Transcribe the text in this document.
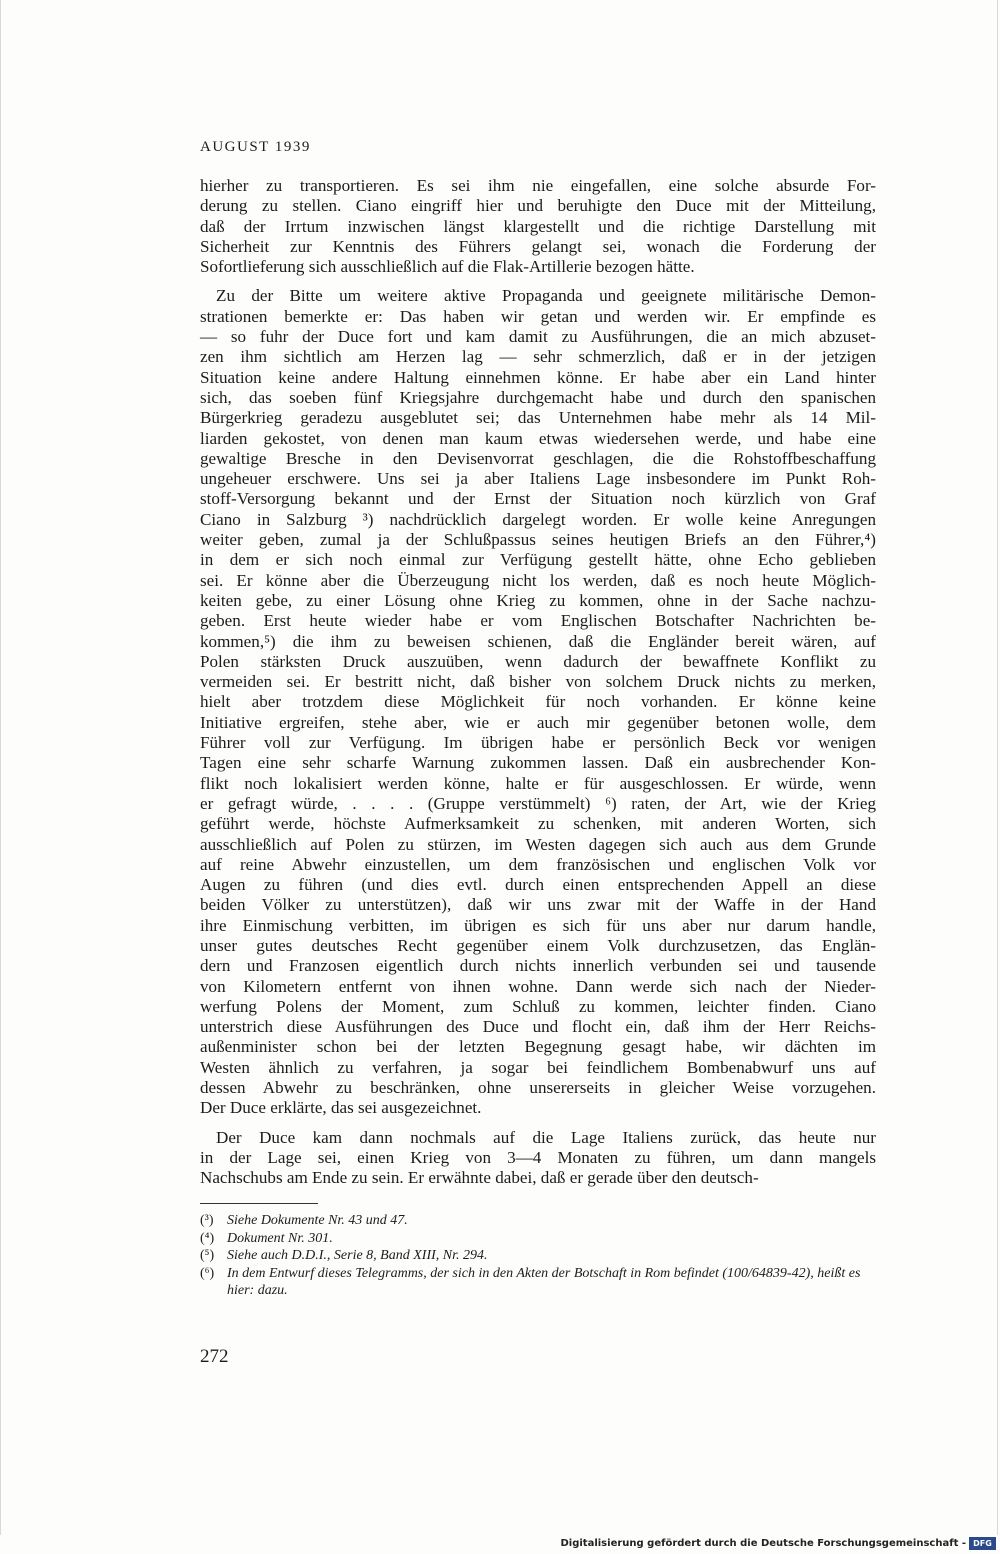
AUGUST 1939
hierher zu transportieren. Es sei ihm nie eingefallen, eine solche absurde For-
derung zu stellen. Ciano eingriff hier und beruhigte den Duce mit der Mitteilung,
daß der Irrtum inzwischen längst klargestellt und die richtige Darstellung mit
Sicherheit zur Kenntnis des Führers gelangt sei, wonach die Forderung der
Sofortlieferung sich ausschließlich auf die Flak-Artillerie bezogen hätte.
Zu der Bitte um weitere aktive Propaganda und geeignete militärische Demon-
strationen bemerkte er: Das haben wir getan und werden wir. Er empfinde es
— so fuhr der Duce fort und kam damit zu Ausführungen, die an mich abzuset-
zen ihm sichtlich am Herzen lag — sehr schmerzlich, daß er in der jetzigen
Situation keine andere Haltung einnehmen könne. Er habe aber ein Land hinter
sich, das soeben fünf Kriegsjahre durchgemacht habe und durch den spanischen
Bürgerkrieg geradezu ausgeblutet sei; das Unternehmen habe mehr als 14 Mil-
liarden gekostet, von denen man kaum etwas wiedersehen werde, und habe eine
gewaltige Bresche in den Devisenvorrat geschlagen, die die Rohstoffbeschaffung
ungeheuer erschwere. Uns sei ja aber Italiens Lage insbesondere im Punkt Roh-
stoff-Versorgung bekannt und der Ernst der Situation noch kürzlich von Graf
Ciano in Salzburg ³) nachdrücklich dargelegt worden. Er wolle keine Anregungen
weiter geben, zumal ja der Schlußpassus seines heutigen Briefs an den Führer,⁴)
in dem er sich noch einmal zur Verfügung gestellt hätte, ohne Echo geblieben
sei. Er könne aber die Überzeugung nicht los werden, daß es noch heute Möglich-
keiten gebe, zu einer Lösung ohne Krieg zu kommen, ohne in der Sache nachzu-
geben. Erst heute wieder habe er vom Englischen Botschafter Nachrichten be-
kommen,⁵) die ihm zu beweisen schienen, daß die Engländer bereit wären, auf
Polen stärksten Druck auszuüben, wenn dadurch der bewaffnete Konflikt zu
vermeiden sei. Er bestritt nicht, daß bisher von solchem Druck nichts zu merken,
hielt aber trotzdem diese Möglichkeit für noch vorhanden. Er könne keine
Initiative ergreifen, stehe aber, wie er auch mir gegenüber betonen wolle, dem
Führer voll zur Verfügung. Im übrigen habe er persönlich Beck vor wenigen
Tagen eine sehr scharfe Warnung zukommen lassen. Daß ein ausbrechender Kon-
flikt noch lokalisiert werden könne, halte er für ausgeschlossen. Er würde, wenn
er gefragt würde, . . . . (Gruppe verstümmelt) ⁶) raten, der Art, wie der Krieg
geführt werde, höchste Aufmerksamkeit zu schenken, mit anderen Worten, sich
ausschließlich auf Polen zu stürzen, im Westen dagegen sich auch aus dem Grunde
auf reine Abwehr einzustellen, um dem französischen und englischen Volk vor
Augen zu führen (und dies evtl. durch einen entsprechenden Appell an diese
beiden Völker zu unterstützen), daß wir uns zwar mit der Waffe in der Hand
ihre Einmischung verbitten, im übrigen es sich für uns aber nur darum handle,
unser gutes deutsches Recht gegenüber einem Volk durchzusetzen, das Englän-
dern und Franzosen eigentlich durch nichts innerlich verbunden sei und tausende
von Kilometern entfernt von ihnen wohne. Dann werde sich nach der Nieder-
werfung Polens der Moment, zum Schluß zu kommen, leichter finden. Ciano
unterstrich diese Ausführungen des Duce und flocht ein, daß ihm der Herr Reichs-
außenminister schon bei der letzten Begegnung gesagt habe, wir dächten im
Westen ähnlich zu verfahren, ja sogar bei feindlichem Bombenabwurf uns auf
dessen Abwehr zu beschränken, ohne unsererseits in gleicher Weise vorzugehen.
Der Duce erklärte, das sei ausgezeichnet.
Der Duce kam dann nochmals auf die Lage Italiens zurück, das heute nur
in der Lage sei, einen Krieg von 3—4 Monaten zu führen, um dann mangels
Nachschubs am Ende zu sein. Er erwähnte dabei, daß er gerade über den deutsch-
(³) Siehe Dokumente Nr. 43 und 47.
(⁴) Dokument Nr. 301.
(⁵) Siehe auch D.D.I., Serie 8, Band XIII, Nr. 294.
(⁶) In dem Entwurf dieses Telegramms, der sich in den Akten der Botschaft in Rom befindet (100/64839-42), heißt es hier: dazu.
272
Digitalisierung gefördert durch die Deutsche Forschungsgemeinschaft - DFG
